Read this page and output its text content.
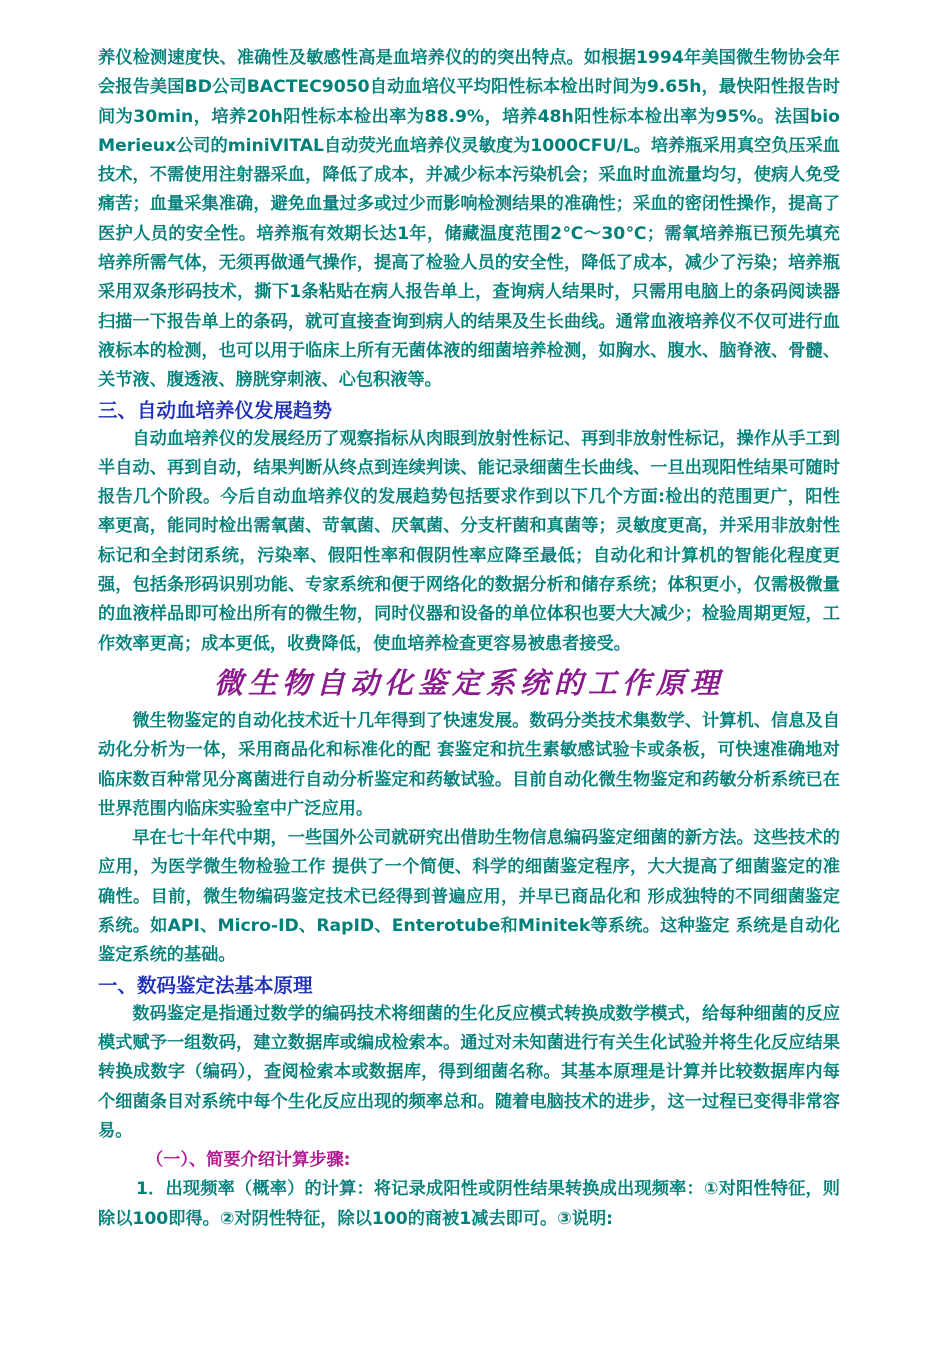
养仪检测速度快、准确性及敏感性高是血培养仪的的突出特点。如根据1994年美国微生物协会年会报告美国BD公司BACTEC9050自动血培仪平均阳性标本检出时间为9.65h，最快阳性报告时间为30min，培养20h阳性标本检出率为88.9%，培养48h阳性标本检出率为95%。法国bioMerieux公司的miniVITAL自动荧光血培养仪灵敏度为1000CFU/L。培养瓶采用真空负压采血技术，不需使用注射器采血，降低了成本，并减少标本污染机会；采血时血流量均匀，使病人免受痛苦；血量采集准确，避免血量过多或过少而影响检测结果的准确性；采血的密闭性操作，提高了医护人员的安全性。培养瓶有效期长达1年，储藏温度范围2℃～30℃；需氧培养瓶已预先填充培养所需气体，无须再做通气操作，提高了检验人员的安全性，降低了成本，减少了污染；培养瓶采用双条形码技术，撕下1条粘贴在病人报告单上，查询病人结果时，只需用电脑上的条码阅读器扫描一下报告单上的条码，就可直接查询到病人的结果及生长曲线。通常血液培养仪不仅可进行血液标本的检测，也可以用于临床上所有无菌体液的细菌培养检测，如胸水、腹水、脑脊液、骨髓、关节液、腹透液、膀胱穿刺液、心包积液等。

三、自动血培养仪发展趋势

自动血培养仪的发展经历了观察指标从肉眼到放射性标记、再到非放射性标记，操作从手工到半自动、再到自动，结果判断从终点到连续判读、能记录细菌生长曲线、一旦出现阳性结果可随时报告几个阶段。今后自动血培养仪的发展趋势包括要求作到以下几个方面:检出的范围更广，阳性率更高，能同时检出需氧菌、苛氧菌、厌氧菌、分支杆菌和真菌等；灵敏度更高，并采用非放射性标记和全封闭系统，污染率、假阳性率和假阴性率应降至最低；自动化和计算机的智能化程度更强，包括条形码识别功能、专家系统和便于网络化的数据分析和储存系统；体积更小，仅需极微量的血液样品即可检出所有的微生物，同时仪器和设备的单位体积也要大大减少；检验周期更短，工作效率更高；成本更低，收费降低，使血培养检查更容易被患者接受。

微生物自动化鉴定系统的工作原理

微生物鉴定的自动化技术近十几年得到了快速发展。数码分类技术集数学、计算机、信息及自动化分析为一体，采用商品化和标准化的配 套鉴定和抗生素敏感试验卡或条板，可快速准确地对临床数百种常见分离菌进行自动分析鉴定和药敏试验。目前自动化微生物鉴定和药敏分析系统已在世界范围内临床实验室中广泛应用。

早在七十年代中期，一些国外公司就研究出借助生物信息编码鉴定细菌的新方法。这些技术的应用，为医学微生物检验工作 提供了一个简便、科学的细菌鉴定程序，大大提高了细菌鉴定的准确性。目前，微生物编码鉴定技术已经得到普遍应用，并早已商品化和 形成独特的不同细菌鉴定系统。如API、Micro-ID、RapID、Enterotube和Minitek等系统。这种鉴定 系统是自动化鉴定系统的基础。

一、数码鉴定法基本原理

数码鉴定是指通过数学的编码技术将细菌的生化反应模式转换成数学模式，给每种细菌的反应模式赋予一组数码，建立数据库或编成检索本。通过对未知菌进行有关生化试验并将生化反应结果转换成数字（编码），查阅检索本或数据库，得到细菌名称。其基本原理是计算并比较数据库内每个细菌条目对系统中每个生化反应出现的频率总和。随着电脑技术的进步，这一过程已变得非常容易。

（一）、简要介绍计算步骤:

1．出现频率（概率）的计算：将记录成阳性或阴性结果转换成出现频率：①对阳性特征，则除以100即得。②对阴性特征，除以100的商被1减去即可。③说明:
